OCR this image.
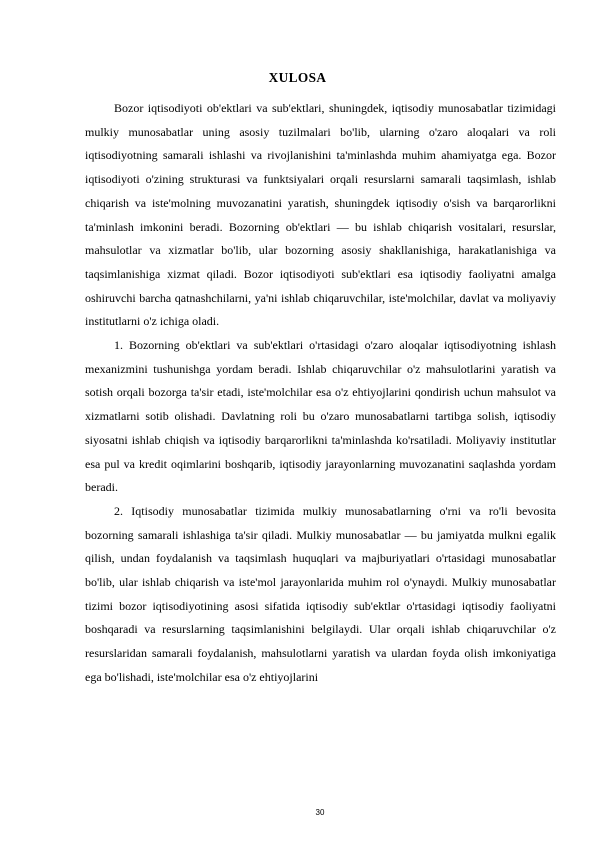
XULOSA

Bozor iqtisodiyoti ob'ektlari va sub'ektlari, shuningdek, iqtisodiy munosabatlar tizimidagi mulkiy munosabatlar uning asosiy tuzilmalari bo'lib, ularning o'zaro aloqalari va roli iqtisodiyotning samarali ishlashi va rivojlanishini ta'minlashda muhim ahamiyatga ega. Bozor iqtisodiyoti o'zining strukturasi va funktsiyalari orqali resurslarni samarali taqsimlash, ishlab chiqarish va iste'molning muvozanatini yaratish, shuningdek iqtisodiy o'sish va barqarorlikni ta'minlash imkonini beradi. Bozorning ob'ektlari — bu ishlab chiqarish vositalari, resurslar, mahsulotlar va xizmatlar bo'lib, ular bozorning asosiy shakllanishiga, harakatlanishiga va taqsimlanishiga xizmat qiladi. Bozor iqtisodiyoti sub'ektlari esa iqtisodiy faoliyatni amalga oshiruvchi barcha qatnashchilarni, ya'ni ishlab chiqaruvchilar, iste'molchilar, davlat va moliyaviy institutlarni o'z ichiga oladi.

1. Bozorning ob'ektlari va sub'ektlari o'rtasidagi o'zaro aloqalar iqtisodiyotning ishlash mexanizmini tushunishga yordam beradi. Ishlab chiqaruvchilar o'z mahsulotlarini yaratish va sotish orqali bozorga ta'sir etadi, iste'molchilar esa o'z ehtiyojlarini qondirish uchun mahsulot va xizmatlarni sotib olishadi. Davlatning roli bu o'zaro munosabatlarni tartibga solish, iqtisodiy siyosatni ishlab chiqish va iqtisodiy barqarorlikni ta'minlashda ko'rsatiladi. Moliyaviy institutlar esa pul va kredit oqimlarini boshqarib, iqtisodiy jarayonlarning muvozanatini saqlashda yordam beradi.

2. Iqtisodiy munosabatlar tizimida mulkiy munosabatlarning o'rni va ro'li bevosita bozorning samarali ishlashiga ta'sir qiladi. Mulkiy munosabatlar — bu jamiyatda mulkni egalik qilish, undan foydalanish va taqsimlash huquqlari va majburiyatlari o'rtasidagi munosabatlar bo'lib, ular ishlab chiqarish va iste'mol jarayonlarida muhim rol o'ynaydi. Mulkiy munosabatlar tizimi bozor iqtisodiyotining asosi sifatida iqtisodiy sub'ektlar o'rtasidagi iqtisodiy faoliyatni boshqaradi va resurslarning taqsimlanishini belgilaydi. Ular orqali ishlab chiqaruvchilar o'z resurslaridan samarali foydalanish, mahsulotlarni yaratish va ulardan foyda olish imkoniyatiga ega bo'lishadi, iste'molchilar esa o'z ehtiyojlarini

30
